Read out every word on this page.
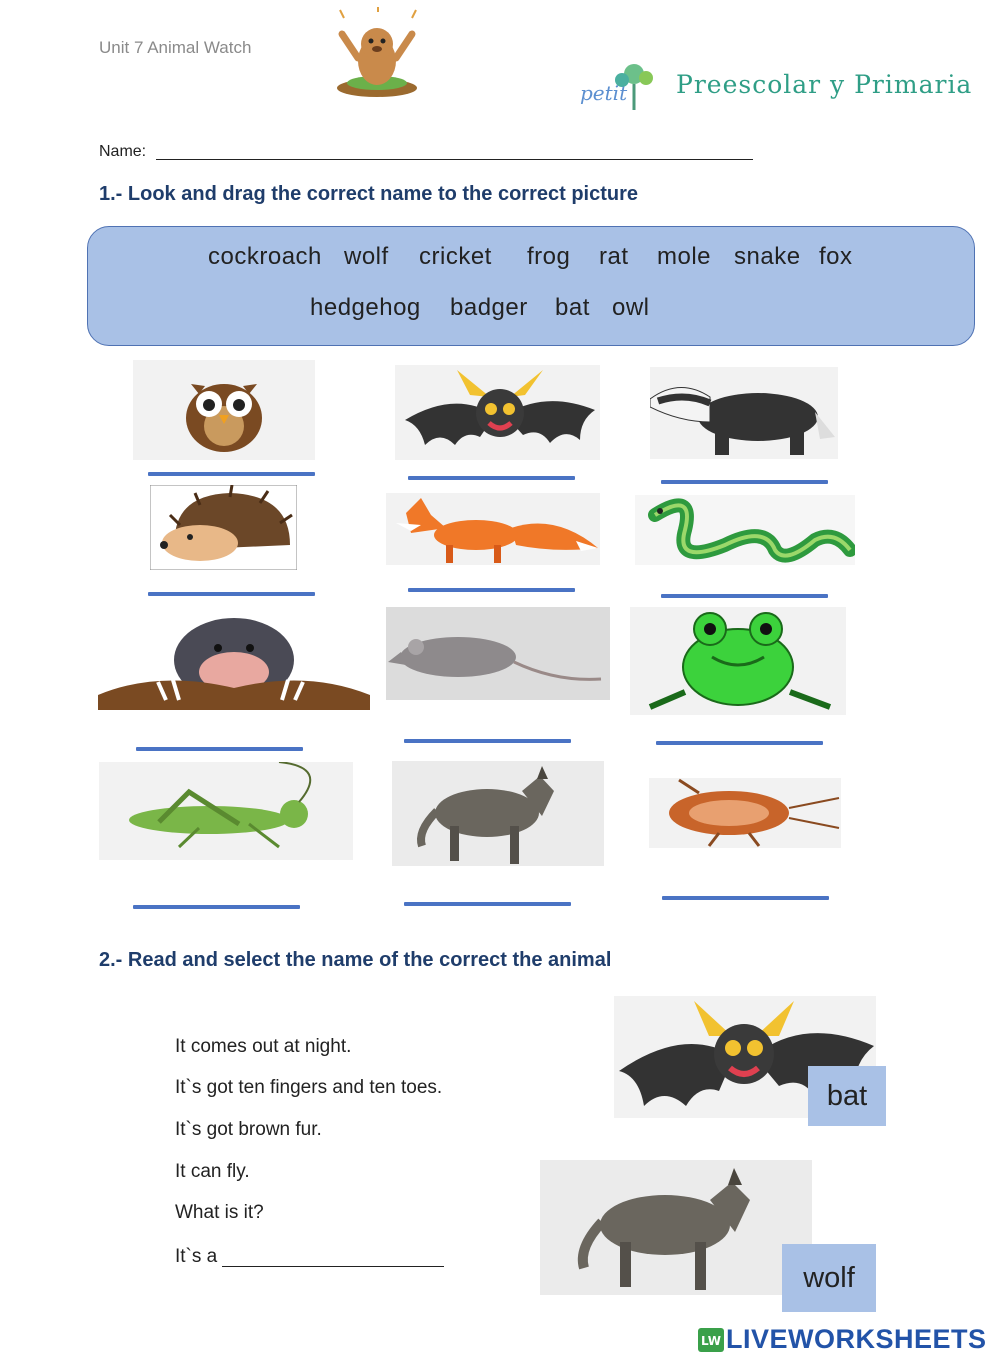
Unit 7 Animal Watch
petit Preescolar y Primaria
Name:
1.- Look and drag the correct name to the correct picture
cockroach wolf cricket frog rat mole snake fox
hedgehog badger bat owl
2.- Read and select the name of the correct the animal
It comes out at night.
It`s got ten fingers and ten toes.
It`s got brown fur.
It can fly.
What is it?
It`s a
bat
wolf
LW LIVEWORKSHEETS
